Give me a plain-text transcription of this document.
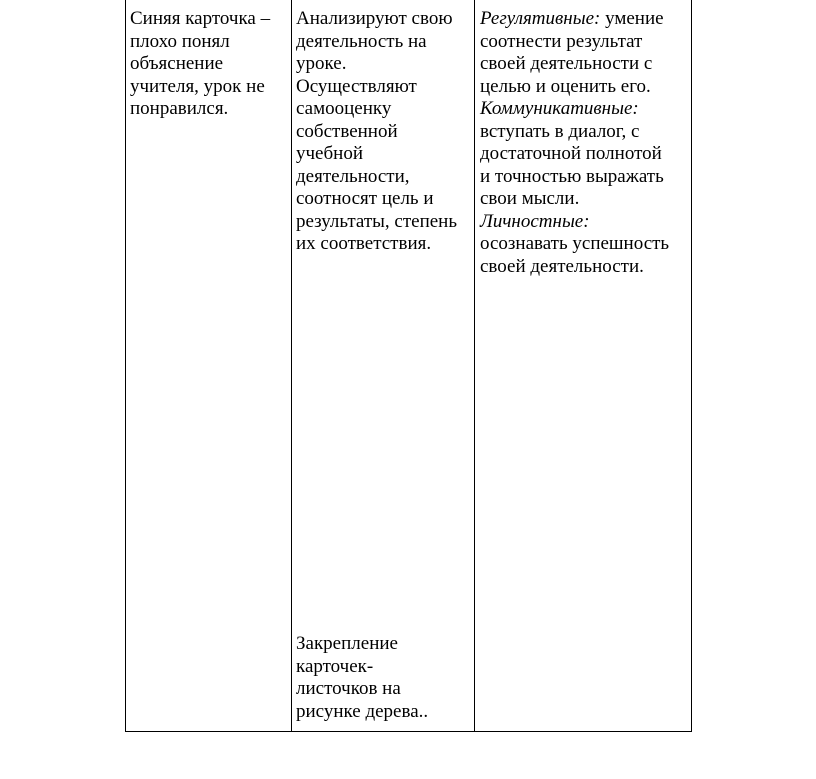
Синяя карточка –
плохо понял
объяснение
учителя, урок не
понравился.
Анализируют свою
деятельность на
уроке.
Осуществляют
самооценку
собственной
учебной
деятельности,
соотносят цель и
результаты, степень
их соответствия.
Закрепление
карточек-
листочков на
рисунке дерева..
Регулятивные: умение
соотнести результат
своей деятельности с
целью и оценить его.
Коммуникативные:
вступать в диалог, с
достаточной полнотой
и точностью выражать
свои мысли.
Личностные:
осознавать успешность
своей деятельности.
